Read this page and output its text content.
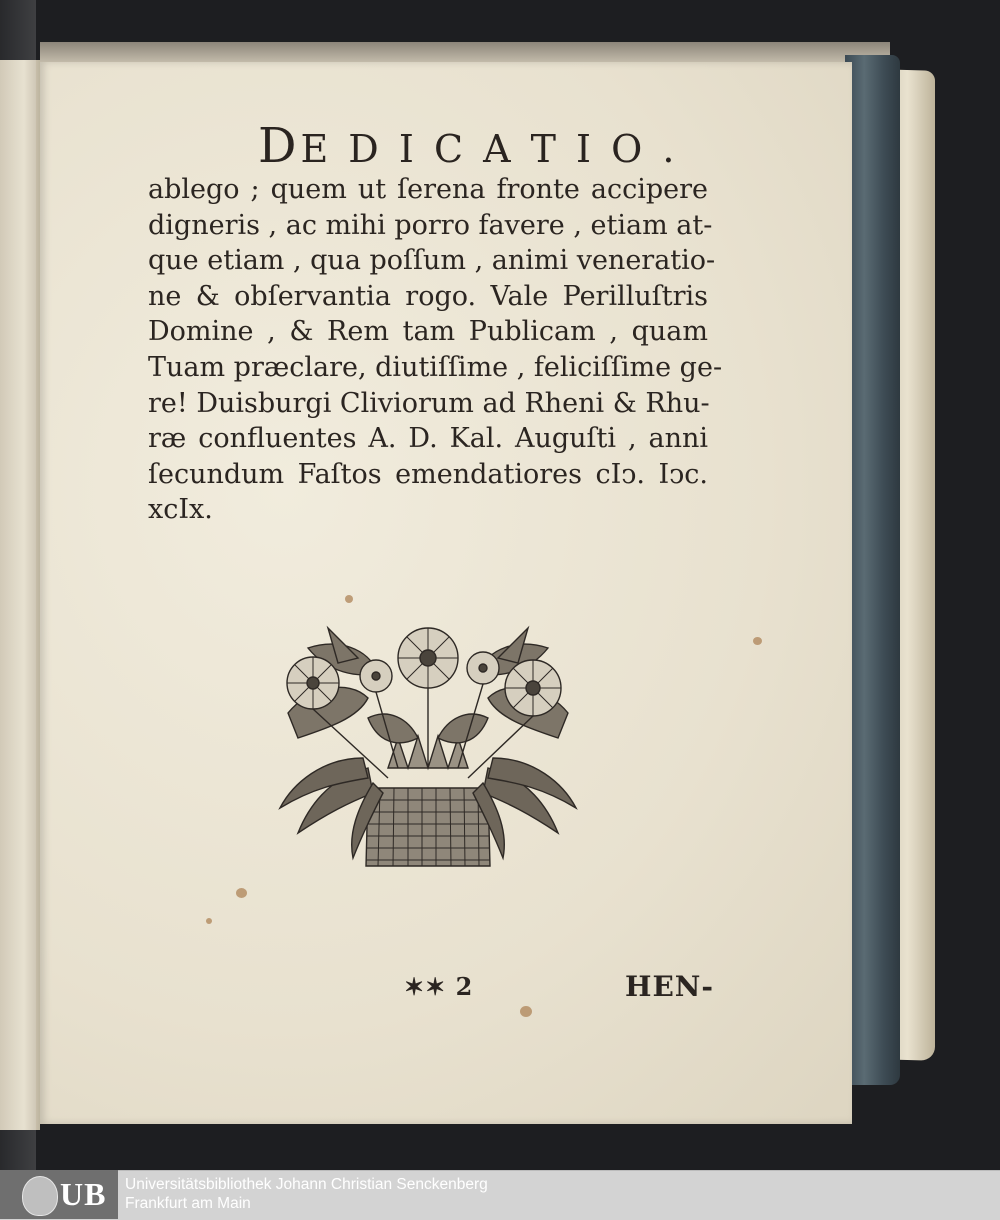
DE D I C A T I O .
ablego ; quem ut ſerena fronte accipere
digneris , ac mihi porro favere , etiam at-
que etiam , qua poſſum , animi veneratio-
ne & obſervantia rogo. Vale Perilluſtris
Domine , & Rem tam Publicam , quam
Tuam præclare, diutiſſime , feliciſſime ge-
re! Duisburgi Cliviorum ad Rheni & Rhu-
ræ confluentes A. D. Kal. Auguſti , anni
ſecundum Faſtos emendatiores cIↄ. Iↄc.
xcIx.
✶✶ 2	HEN-
UB Universitätsbibliothek Johann Christian Senckenberg
Frankfurt am Main
